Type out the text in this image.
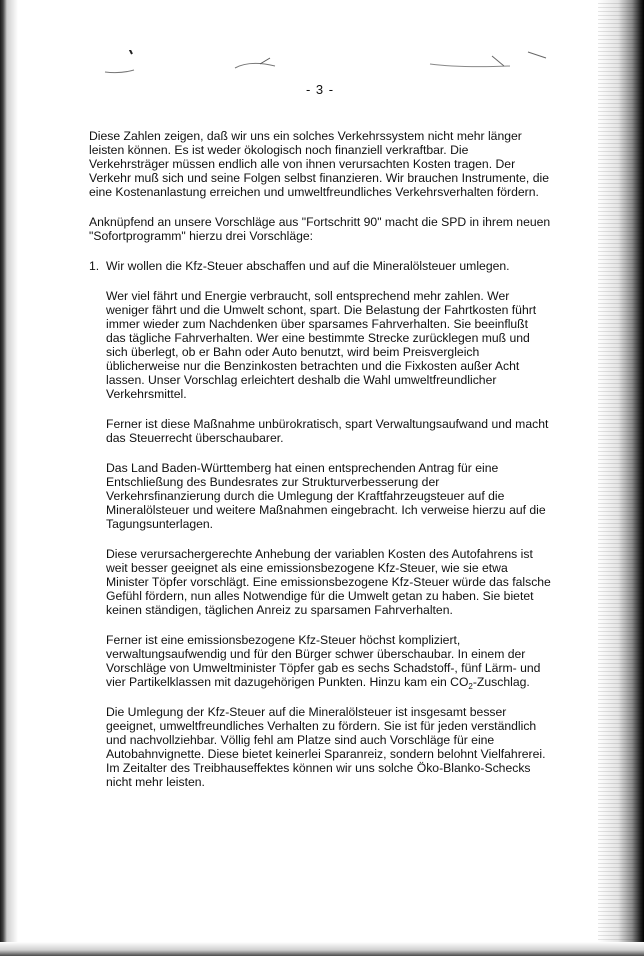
- 3 -

Diese Zahlen zeigen, daß wir uns ein solches Verkehrssystem nicht mehr länger leisten können. Es ist weder ökologisch noch finanziell verkraftbar. Die Verkehrsträger müssen endlich alle von ihnen verursachten Kosten tragen. Der Verkehr muß sich und seine Folgen selbst finanzieren. Wir brauchen Instrumente, die eine Kostenanlastung erreichen und umweltfreundliches Verkehrsverhalten fördern.

Anknüpfend an unsere Vorschläge aus "Fortschritt 90" macht die SPD in ihrem neuen "Sofortprogramm" hierzu drei Vorschläge:

1. Wir wollen die Kfz-Steuer abschaffen und auf die Mineralölsteuer umlegen.

Wer viel fährt und Energie verbraucht, soll entsprechend mehr zahlen. Wer weniger fährt und die Umwelt schont, spart. Die Belastung der Fahrtkosten führt immer wieder zum Nachdenken über sparsames Fahrverhalten. Sie beeinflußt das tägliche Fahrverhalten. Wer eine bestimmte Strecke zurücklegen muß und sich überlegt, ob er Bahn oder Auto benutzt, wird beim Preisvergleich üblicherweise nur die Benzinkosten betrachten und die Fixkosten außer Acht lassen. Unser Vorschlag erleichtert deshalb die Wahl umweltfreundlicher Verkehrsmittel.

Ferner ist diese Maßnahme unbürokratisch, spart Verwaltungsaufwand und macht das Steuerrecht überschaubarer.

Das Land Baden-Württemberg hat einen entsprechenden Antrag für eine Entschließung des Bundesrates zur Strukturverbesserung der Verkehrsfinanzierung durch die Umlegung der Kraftfahrzeugsteuer auf die Mineralölsteuer und weitere Maßnahmen eingebracht. Ich verweise hierzu auf die Tagungsunterlagen.

Diese verursachergerechte Anhebung der variablen Kosten des Autofahrens ist weit besser geeignet als eine emissionsbezogene Kfz-Steuer, wie sie etwa Minister Töpfer vorschlägt. Eine emissionsbezogene Kfz-Steuer würde das falsche Gefühl fördern, nun alles Notwendige für die Umwelt getan zu haben. Sie bietet keinen ständigen, täglichen Anreiz zu sparsamen Fahrverhalten.

Ferner ist eine emissionsbezogene Kfz-Steuer höchst kompliziert, verwaltungsaufwendig und für den Bürger schwer überschaubar. In einem der Vorschläge von Umweltminister Töpfer gab es sechs Schadstoff-, fünf Lärm- und vier Partikelklassen mit dazugehörigen Punkten. Hinzu kam ein $CO_2$-Zuschlag.

Die Umlegung der Kfz-Steuer auf die Mineralölsteuer ist insgesamt besser geeignet, umweltfreundliches Verhalten zu fördern. Sie ist für jeden verständlich und nachvollziehbar. Völlig fehl am Platze sind auch Vorschläge für eine Autobahnvignette. Diese bietet keinerlei Sparanreiz, sondern belohnt Vielfahrerei. Im Zeitalter des Treibhauseffektes können wir uns solche Öko-Blanko-Schecks nicht mehr leisten.
